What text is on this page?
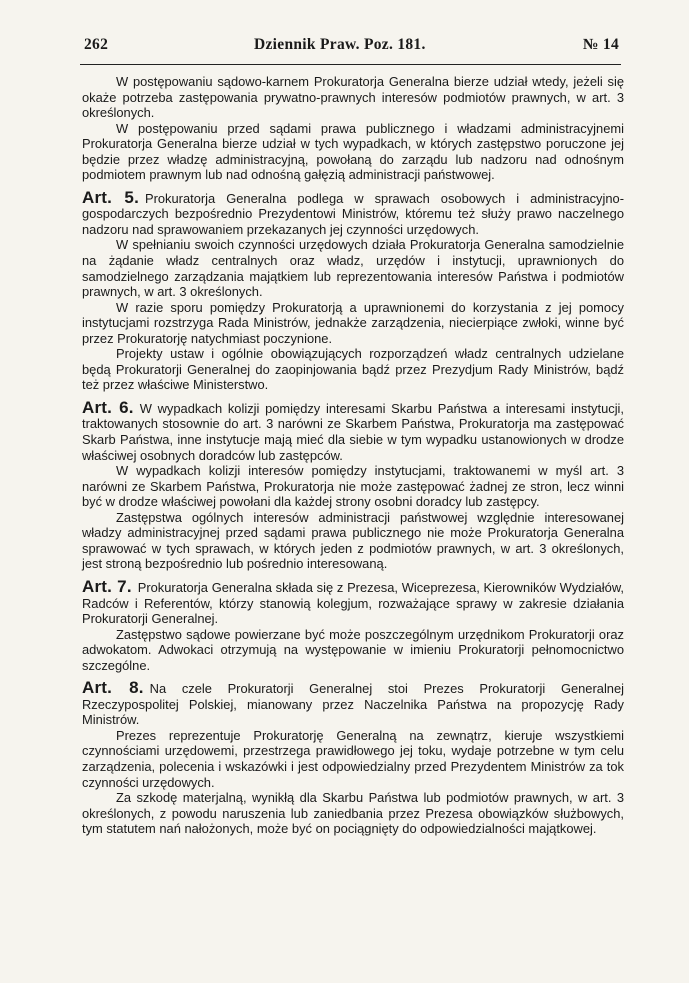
262	Dziennik Praw. Poz. 181.	№ 14

W postępowaniu sądowo-karnem Prokuratorja Generalna bierze udział wtedy, jeżeli się okaże potrzeba zastępowania prywatno-prawnych interesów podmiotów prawnych, w art. 3 określonych.

W postępowaniu przed sądami prawa publicznego i władzami administracyjnemi Prokuratorja Generalna bierze udział w tych wypadkach, w których zastępstwo poruczone jej będzie przez władzę administracyjną, powołaną do zarządu lub nadzoru nad odnośnym podmiotem prawnym lub nad odnośną gałęzią administracji państwowej.

Art. 5. Prokuratorja Generalna podlega w sprawach osobowych i administracyjno-gospodarczych bezpośrednio Prezydentowi Ministrów, któremu też służy prawo naczelnego nadzoru nad sprawowaniem przekazanych jej czynności urzędowych.

W spełnianiu swoich czynności urzędowych działa Prokuratorja Generalna samodzielnie na żądanie władz centralnych oraz władz, urzędów i instytucji, uprawnionych do samodzielnego zarządzania majątkiem lub reprezentowania interesów Państwa i podmiotów prawnych, w art. 3 określonych.

W razie sporu pomiędzy Prokuratorją a uprawnionemi do korzystania z jej pomocy instytucjami rozstrzyga Rada Ministrów, jednakże zarządzenia, niecierpiące zwłoki, winne być przez Prokuratorję natychmiast poczynione.

Projekty ustaw i ogólnie obowiązujących rozporządzeń władz centralnych udzielane będą Prokuratorji Generalnej do zaopinjowania bądź przez Prezydjum Rady Ministrów, bądź też przez właściwe Ministerstwo.

Art. 6. W wypadkach kolizji pomiędzy interesami Skarbu Państwa a interesami instytucji, traktowanych stosownie do art. 3 narówni ze Skarbem Państwa, Prokuratorja ma zastępować Skarb Państwa, inne instytucje mają mieć dla siebie w tym wypadku ustanowionych w drodze właściwej osobnych doradców lub zastępców.

W wypadkach kolizji interesów pomiędzy instytucjami, traktowanemi w myśl art. 3 narówni ze Skarbem Państwa, Prokuratorja nie może zastępować żadnej ze stron, lecz winni być w drodze właściwej powołani dla każdej strony osobni doradcy lub zastępcy.

Zastępstwa ogólnych interesów administracji państwowej względnie interesowanej władzy administracyjnej przed sądami prawa publicznego nie może Prokuratorja Generalna sprawować w tych sprawach, w których jeden z podmiotów prawnych, w art. 3 określonych, jest stroną bezpośrednio lub pośrednio interesowaną.

Art. 7. Prokuratorja Generalna składa się z Prezesa, Wiceprezesa, Kierowników Wydziałów, Radców i Referentów, którzy stanowią kolegjum, rozważające sprawy w zakresie działania Prokuratorji Generalnej.

Zastępstwo sądowe powierzane być może poszczególnym urzędnikom Prokuratorji oraz adwokatom. Adwokaci otrzymują na występowanie w imieniu Prokuratorji pełnomocnictwo szczególne.

Art. 8. Na czele Prokuratorji Generalnej stoi Prezes Prokuratorji Generalnej Rzeczypospolitej Polskiej, mianowany przez Naczelnika Państwa na propozycję Rady Ministrów.

Prezes reprezentuje Prokuratorję Generalną na zewnątrz, kieruje wszystkiemi czynnościami urzędowemi, przestrzega prawidłowego jej toku, wydaje potrzebne w tym celu zarządzenia, polecenia i wskazówki i jest odpowiedzialny przed Prezydentem Ministrów za tok czynności urzędowych.

Za szkodę materjalną, wynikłą dla Skarbu Państwa lub podmiotów prawnych, w art. 3 określonych, z powodu naruszenia lub zaniedbania przez Prezesa obowiązków służbowych, tym statutem nań nałożonych, może być on pociągnięty do odpowiedzialności majątkowej.
